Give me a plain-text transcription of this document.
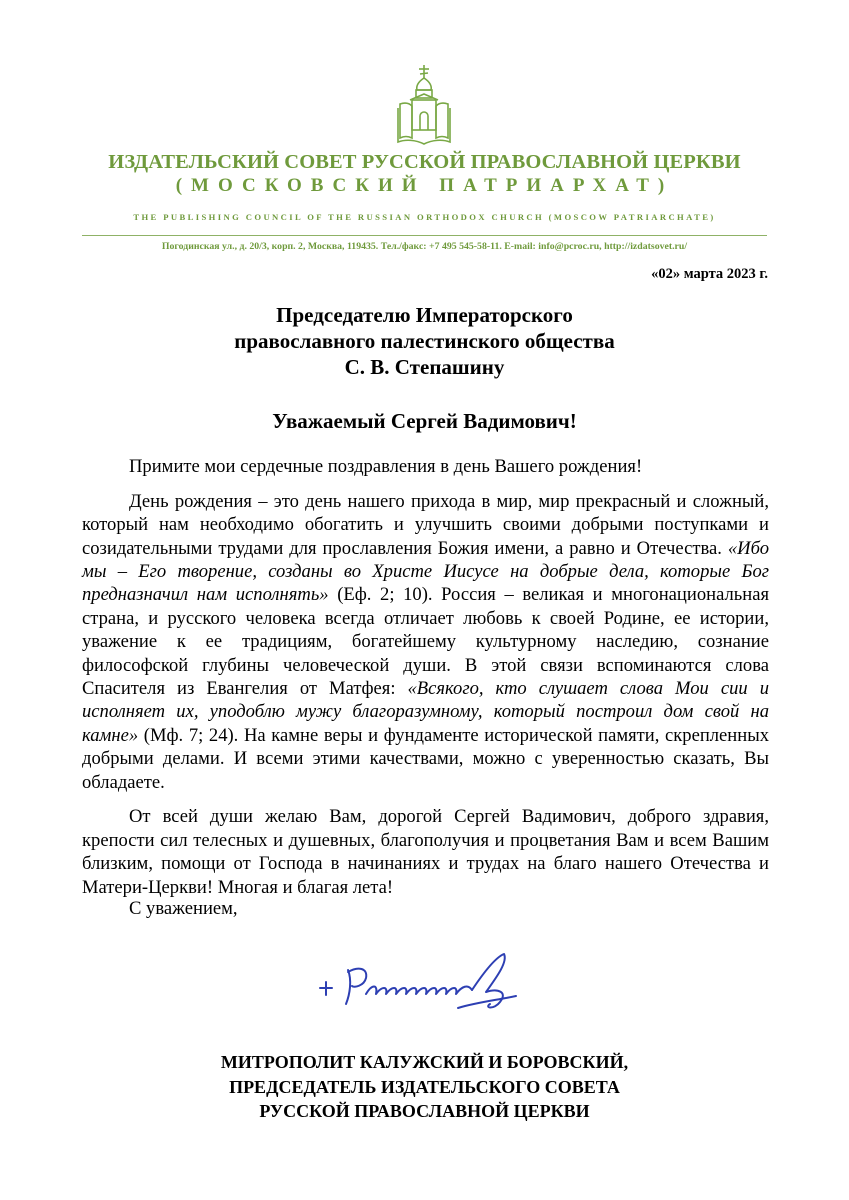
ИЗДАТЕЛЬСКИЙ СОВЕТ РУССКОЙ ПРАВОСЛАВНОЙ ЦЕРКВИ
(МОСКОВСКИЙ ПАТРИАРХАТ)
THE PUBLISHING COUNCIL OF THE RUSSIAN ORTHODOX CHURCH (MOSCOW PATRIARCHATE)
Погодинская ул., д. 20/3, корп. 2, Москва, 119435. Тел./факс: +7 495 545-58-11. E-mail: info@pcroc.ru, http://izdatsovet.ru/
«02» марта 2023 г.
Председателю Императорского
православного палестинского общества
С. В. Степашину
Уважаемый Сергей Вадимович!

Примите мои сердечные поздравления в день Вашего рождения!

День рождения – это день нашего прихода в мир, мир прекрасный и сложный, который нам необходимо обогатить и улучшить своими добрыми поступками и созидательными трудами для прославления Божия имени, а равно и Отечества. «Ибо мы – Его творение, созданы во Христе Иисусе на добрые дела, которые Бог предназначил нам исполнять» (Еф. 2; 10). Россия – великая и многонациональная страна, и русского человека всегда отличает любовь к своей Родине, ее истории, уважение к ее традициям, богатейшему культурному наследию, сознание философской глубины человеческой души. В этой связи вспоминаются слова Спасителя из Евангелия от Матфея: «Всякого, кто слушает слова Мои сии и исполняет их, уподоблю мужу благоразумному, который построил дом свой на камне» (Мф. 7; 24). На камне веры и фундаменте исторической памяти, скрепленных добрыми делами. И всеми этими качествами, можно с уверенностью сказать, Вы обладаете.

От всей души желаю Вам, дорогой Сергей Вадимович, доброго здравия, крепости сил телесных и душевных, благополучия и процветания Вам и всем Вашим близким, помощи от Господа в начинаниях и трудах на благо нашего Отечества и Матери-Церкви! Многая и благая лета!

С уважением,
МИТРОПОЛИТ КАЛУЖСКИЙ И БОРОВСКИЙ,
ПРЕДСЕДАТЕЛЬ ИЗДАТЕЛЬСКОГО СОВЕТА
РУССКОЙ ПРАВОСЛАВНОЙ ЦЕРКВИ
